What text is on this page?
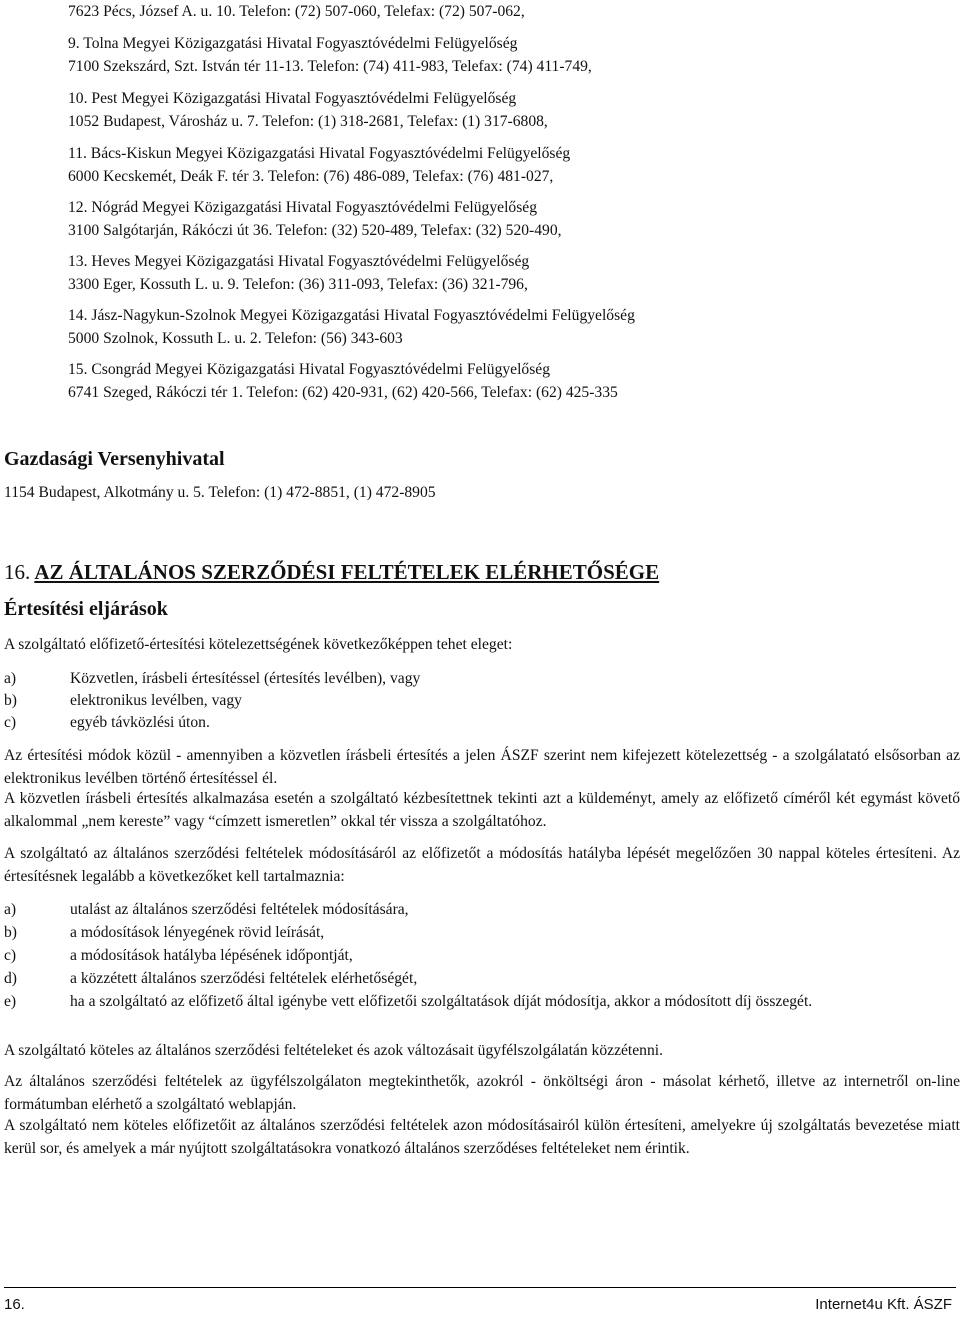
7623 Pécs, József A. u. 10. Telefon: (72) 507-060, Telefax: (72) 507-062,
9. Tolna Megyei Közigazgatási Hivatal Fogyasztóvédelmi Felügyelőség
7100 Szekszárd, Szt. István tér 11-13. Telefon: (74) 411-983, Telefax: (74) 411-749,
10. Pest Megyei Közigazgatási Hivatal Fogyasztóvédelmi Felügyelőség
1052 Budapest, Városház u. 7. Telefon: (1) 318-2681, Telefax: (1) 317-6808,
11. Bács-Kiskun Megyei Közigazgatási Hivatal Fogyasztóvédelmi Felügyelőség
6000 Kecskemét, Deák F. tér 3. Telefon: (76) 486-089, Telefax: (76) 481-027,
12. Nógrád Megyei Közigazgatási Hivatal Fogyasztóvédelmi Felügyelőség
3100 Salgótarján, Rákóczi út 36. Telefon: (32) 520-489, Telefax: (32) 520-490,
13. Heves Megyei Közigazgatási Hivatal Fogyasztóvédelmi Felügyelőség
3300 Eger, Kossuth L. u. 9. Telefon: (36) 311-093, Telefax: (36) 321-796,
14. Jász-Nagykun-Szolnok Megyei Közigazgatási Hivatal Fogyasztóvédelmi Felügyelőség
5000 Szolnok, Kossuth L. u. 2. Telefon: (56) 343-603
15. Csongrád Megyei Közigazgatási Hivatal Fogyasztóvédelmi Felügyelőség
6741 Szeged, Rákóczi tér 1. Telefon: (62) 420-931, (62) 420-566, Telefax: (62) 425-335
Gazdasági Versenyhivatal
1154 Budapest, Alkotmány u. 5. Telefon: (1) 472-8851, (1) 472-8905
16. AZ ÁLTALÁNOS SZERZŐDÉSI FELTÉTELEK ELÉRHETŐSÉGE
Értesítési eljárások
A szolgáltató előfizető-értesítési kötelezettségének következőképpen tehet eleget:
a)	Közvetlen, írásbeli értesítéssel (értesítés levélben), vagy
b)	elektronikus levélben, vagy
c)	egyéb távközlési úton.
Az értesítési módok közül - amennyiben a közvetlen írásbeli értesítés a jelen ÁSZF szerint nem kifejezett kötelezettség - a szolgálatató elsősorban az elektronikus levélben történő értesítéssel él.
A közvetlen írásbeli értesítés alkalmazása esetén a szolgáltató kézbesítettnek tekinti azt a küldeményt, amely az előfizető címéről két egymást követő alkalommal „nem kereste” vagy “címzett ismeretlen” okkal tér vissza a szolgáltatóhoz.
A szolgáltató az általános szerződési feltételek módosításáról az előfizetőt a módosítás hatályba lépését megelőzően 30 nappal köteles értesíteni. Az értesítésnek legalább a következőket kell tartalmaznia:
a)	utalást az általános szerződési feltételek módosítására,
b)	a módosítások lényegének rövid leírását,
c)	a módosítások hatályba lépésének időpontját,
d)	a közzétett általános szerződési feltételek elérhetőségét,
e)	ha a szolgáltató az előfizető által igénybe vett előfizetői szolgáltatások díját módosítja, akkor a módosított díj összegét.
A szolgáltató köteles az általános szerződési feltételeket és azok változásait ügyfélszolgálatán közzétenni.
Az általános szerződési feltételek az ügyfélszolgálaton megtekinthetők, azokról - önköltségi áron - másolat kérhető, illetve az internetről on-line formátumban elérhető a szolgáltató weblapján.
A szolgáltató nem köteles előfizetőit az általános szerződési feltételek azon módosításairól külön értesíteni, amelyekre új szolgáltatás bevezetése miatt kerül sor, és amelyek a már nyújtott szolgáltatásokra vonatkozó általános szerződéses feltételeket nem érintik.
16.	Internet4u Kft. ÁSZF
